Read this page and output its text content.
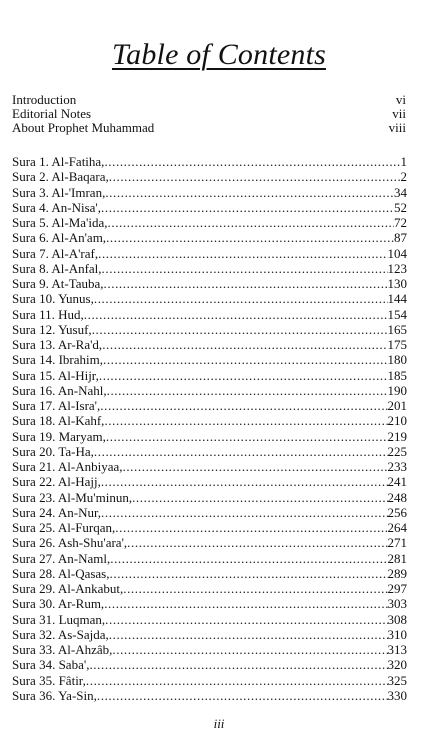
Table of Contents
Introduction	vi
Editorial Notes	vii
About Prophet Muhammad	viii
Sura 1. Al-Fatiha, .....	1
Sura 2. Al-Baqara, .....	2
Sura 3. Al-'Imran, .....	34
Sura 4. An-Nisa', .....	52
Sura 5. Al-Ma'ida, .....	72
Sura 6. Al-An'am, .....	87
Sura 7. Al-A'raf, .....	104
Sura 8. Al-Anfal, .....	123
Sura 9. At-Tauba, .....	130
Sura 10. Yunus, .....	144
Sura 11. Hud, .....	154
Sura 12. Yusuf, .....	165
Sura 13. Ar-Ra'd, .....	175
Sura 14. Ibrahim, .....	180
Sura 15. Al-Hijr, .....	185
Sura 16. An-Nahl, .....	190
Sura 17. Al-Isra', .....	201
Sura 18. Al-Kahf, .....	210
Sura 19. Maryam, .....	219
Sura 20. Ta-Ha, .....	225
Sura 21. Al-Anbiyaa, .....	233
Sura 22. Al-Hajj, .....	241
Sura 23. Al-Mu'minun, .....	248
Sura 24. An-Nur, .....	256
Sura 25. Al-Furqan, .....	264
Sura 26. Ash-Shu'ara', .....	271
Sura 27. An-Naml, .....	281
Sura 28. Al-Qasas, .....	289
Sura 29. Al-Ankabut, .....	297
Sura 30. Ar-Rum, .....	303
Sura 31. Luqman, .....	308
Sura 32. As-Sajda, .....	310
Sura 33. Al-Ahzâb, .....	313
Sura 34. Saba', .....	320
Sura 35. Fâtir, .....	325
Sura 36. Ya-Sin, .....	330
iii
